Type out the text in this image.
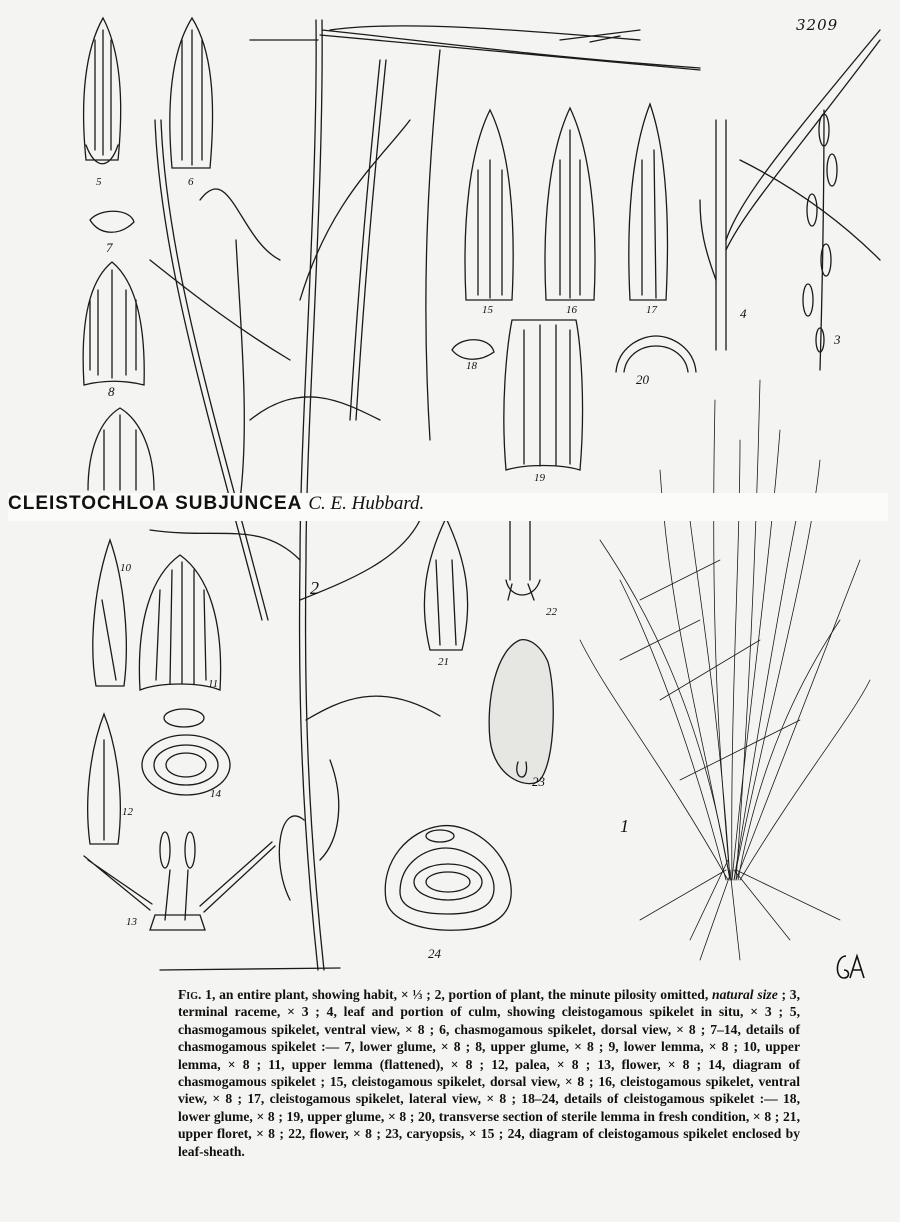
3209
1
2
3
4
5	6
7
8
10
11
12
13
14
15	16	17
18
19
20
21
22
23
24
CLEISTOCHLOA SUBJUNCEA C. E. Hubbard.
Fig. 1, an entire plant, showing habit, × ⅓ ; 2, portion of plant, the minute pilosity omitted, natural size ; 3, terminal raceme, × 3 ; 4, leaf and portion of culm, showing cleistogamous spikelet in situ, × 3 ; 5, chasmogamous spikelet, ventral view, × 8 ; 6, chasmogamous spikelet, dorsal view, × 8 ; 7–14, details of chasmogamous spikelet :— 7, lower glume, × 8 ; 8, upper glume, × 8 ; 9, lower lemma, × 8 ; 10, upper lemma, × 8 ; 11, upper lemma (flattened), × 8 ; 12, palea, × 8 ; 13, flower, × 8 ; 14, diagram of chasmogamous spikelet ; 15, cleistogamous spikelet, dorsal view, × 8 ; 16, cleistogamous spikelet, ventral view, × 8 ; 17, cleistogamous spikelet, lateral view, × 8 ; 18–24, details of cleistogamous spikelet :— 18, lower glume, × 8 ; 19, upper glume, × 8 ; 20, transverse section of sterile lemma in fresh condition, × 8 ; 21, upper floret, × 8 ; 22, flower, × 8 ; 23, caryopsis, × 15 ; 24, diagram of cleistogamous spikelet enclosed by leaf-sheath.
